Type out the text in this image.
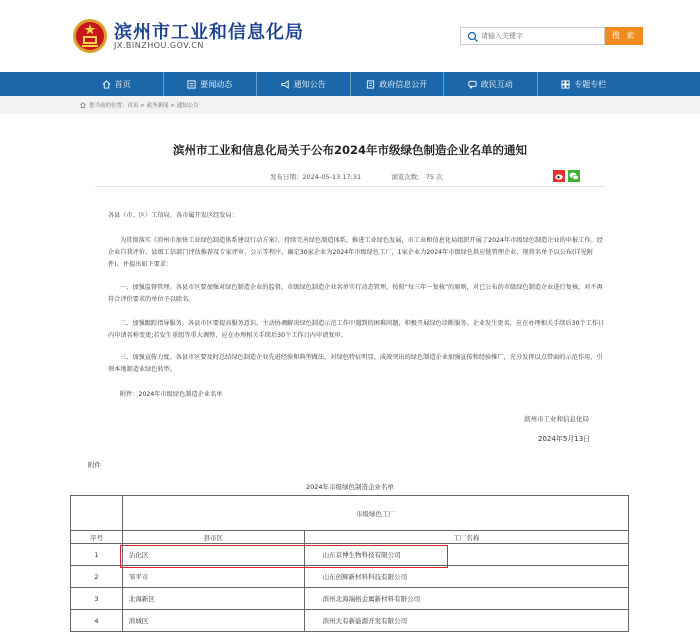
滨州市工业和信息化局
JX.BINZHOU.GOV.CN
请输入关键字
搜 索
首页	要闻动态	通知公告	政府信息公开	政民互动	专题专栏
您当前的位置：首页 > 政务新闻 > 通知公告
滨州市工业和信息化局关于公布2024年市级绿色制造企业名单的通知
发布日期：2024-05-13 17:31	浏览次数： 75 次
各县（市、区）工信局，各市属开发区经发局：
为贯彻落实《滨州市加快工业绿色制造体系建设行动方案》，持续完善绿色制造体系，推进工业绿色发展，市工业和信息化局组织开展了2024年市级绿色制造企业的申报工作。经企业自我评价、县级工信部门评估推荐及专家评审，公示等程序，确定30家企业为2024年市级绿色工厂，1家企业为2024年市级绿色供应链管理企业，现将名单予以公布(详见附件)。并提出如下要求：
一、加强监督管理。各县市区要加强对绿色制造企业的监督，市级绿色制造企业名单实行动态管理，按照“每三年一复核”的原则，对已公布的市级绿色制造企业进行复核，对不再符合评价要求的单位予以除名。
二、加强跟踪指导服务。各县市区要提高服务意识，主动协调解决绿色制造示范工作中遇到的困难问题，积极开展绿色诊断服务。企业发生更名，应在办理相关手续后30个工作日内申请名称变更;若发生重组等重大调整，应在办理相关手续后30个工作日内申请复审。
三、加强宣传力度。各县市区要及时总结绿色制造企业先进经验和典型做法，对绿色特征明显、成效突出的绿色制造企业加强宣传和经验推广，充分发挥以点带面的示范作用，引领本地制造业绿色转型。
附件：2024年市级绿色制造企业名单
滨州市工业和信息化局
2024年5月13日
附件
2024年市级绿色制造企业名单
	市级绿色工厂	
序号	县市区	工厂名称
1	沾化区	山东京博生物科技有限公司
2	邹平市	山东创辉新材料科技有限公司
3	北海新区	滨州北海瑞格金属新材料有限公司
4	滨城区	滨州大有新能源开发有限公司
